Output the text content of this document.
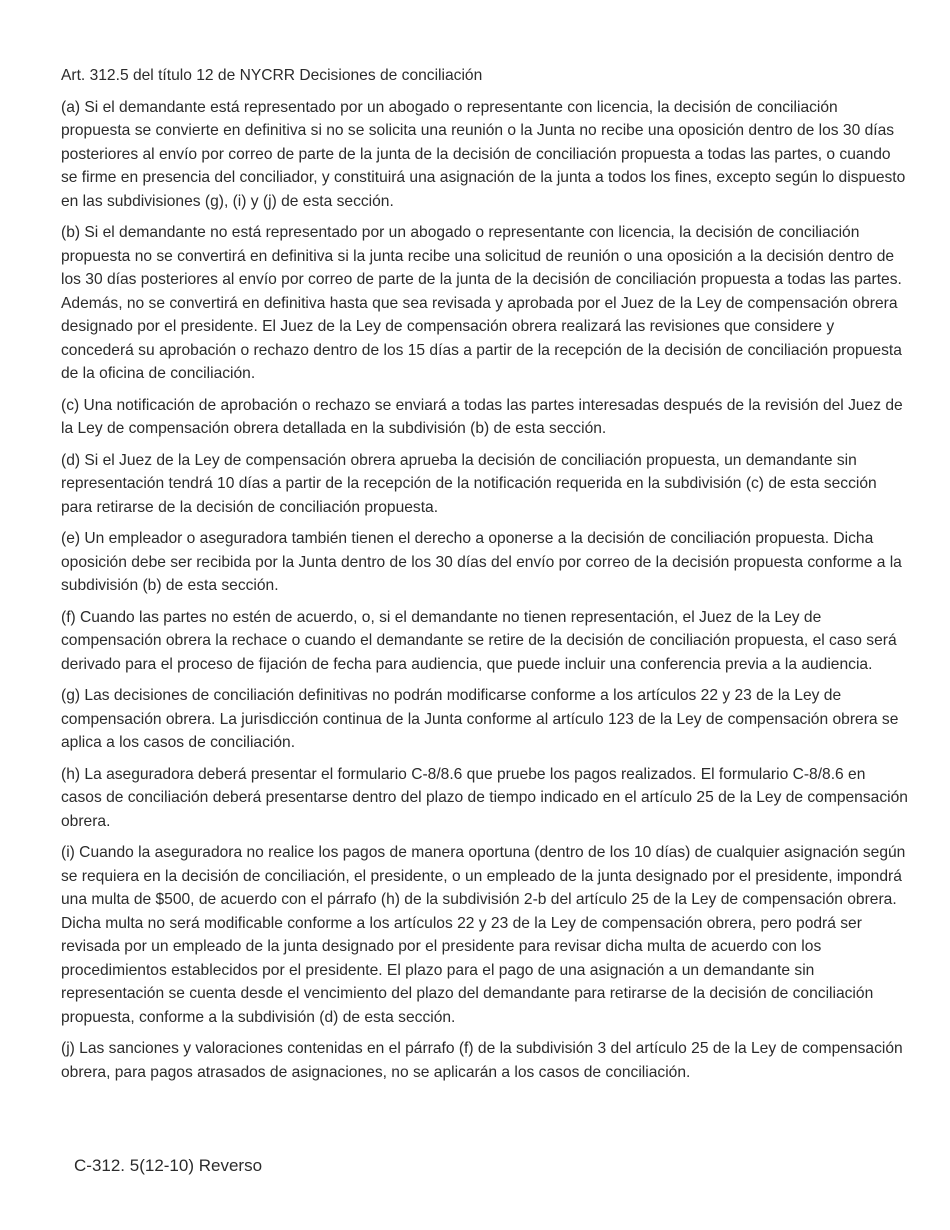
Art. 312.5 del título 12 de NYCRR Decisiones de conciliación

(a) Si el demandante está representado por un abogado o representante con licencia, la decisión de conciliación propuesta se convierte en definitiva si no se solicita una reunión o la Junta no recibe una oposición dentro de los 30 días posteriores al envío por correo de parte de la junta de la decisión de conciliación propuesta a todas las partes, o cuando se firme en presencia del conciliador, y constituirá una asignación de la junta a todos los fines, excepto según lo dispuesto en las subdivisiones (g), (i) y (j) de esta sección.

(b) Si el demandante no está representado por un abogado o representante con licencia, la decisión de conciliación propuesta no se convertirá en definitiva si la junta recibe una solicitud de reunión o una oposición a la decisión dentro de los 30 días posteriores al envío por correo de parte de la junta de la decisión de conciliación propuesta a todas las partes. Además, no se convertirá en definitiva hasta que sea revisada y aprobada por el Juez de la Ley de compensación obrera designado por el presidente. El Juez de la Ley de compensación obrera realizará las revisiones que considere y concederá su aprobación o rechazo dentro de los 15 días a partir de la recepción de la decisión de conciliación propuesta de la oficina de conciliación.

(c) Una notificación de aprobación o rechazo se enviará a todas las partes interesadas después de la revisión del Juez de la Ley de compensación obrera detallada en la subdivisión (b) de esta sección.

(d) Si el Juez de la Ley de compensación obrera aprueba la decisión de conciliación propuesta, un demandante sin representación tendrá 10 días a partir de la recepción de la notificación requerida en la subdivisión (c) de esta sección para retirarse de la decisión de conciliación propuesta.

(e) Un empleador o aseguradora también tienen el derecho a oponerse a la decisión de conciliación propuesta. Dicha oposición debe ser recibida por la Junta dentro de los 30 días del envío por correo de la decisión propuesta conforme a la subdivisión (b) de esta sección.

(f) Cuando las partes no estén de acuerdo, o, si el demandante no tienen representación, el Juez de la Ley de compensación obrera la rechace o cuando el demandante se retire de la decisión de conciliación propuesta, el caso será derivado para el proceso de fijación de fecha para audiencia, que puede incluir una conferencia previa a la audiencia.

(g) Las decisiones de conciliación definitivas no podrán modificarse conforme a los artículos 22 y 23 de la Ley de compensación obrera. La jurisdicción continua de la Junta conforme al artículo 123 de la Ley de compensación obrera se aplica a los casos de conciliación.

(h) La aseguradora deberá presentar el formulario C-8/8.6 que pruebe los pagos realizados. El formulario C-8/8.6 en casos de conciliación deberá presentarse dentro del plazo de tiempo indicado en el artículo 25 de la Ley de compensación obrera.

(i) Cuando la aseguradora no realice los pagos de manera oportuna (dentro de los 10 días) de cualquier asignación según se requiera en la decisión de conciliación, el presidente, o un empleado de la junta designado por el presidente, impondrá una multa de $500, de acuerdo con el párrafo (h) de la subdivisión 2-b del artículo 25 de la Ley de compensación obrera. Dicha multa no será modificable conforme a los artículos 22 y 23 de la Ley de compensación obrera, pero podrá ser revisada por un empleado de la junta designado por el presidente para revisar dicha multa de acuerdo con los procedimientos establecidos por el presidente. El plazo para el pago de una asignación a un demandante sin representación se cuenta desde el vencimiento del plazo del demandante para retirarse de la decisión de conciliación propuesta, conforme a la subdivisión (d) de esta sección.

(j) Las sanciones y valoraciones contenidas en el párrafo (f) de la subdivisión 3 del artículo 25 de la Ley de compensación obrera, para pagos atrasados de asignaciones, no se aplicarán a los casos de conciliación.

C-312. 5(12-10) Reverso
